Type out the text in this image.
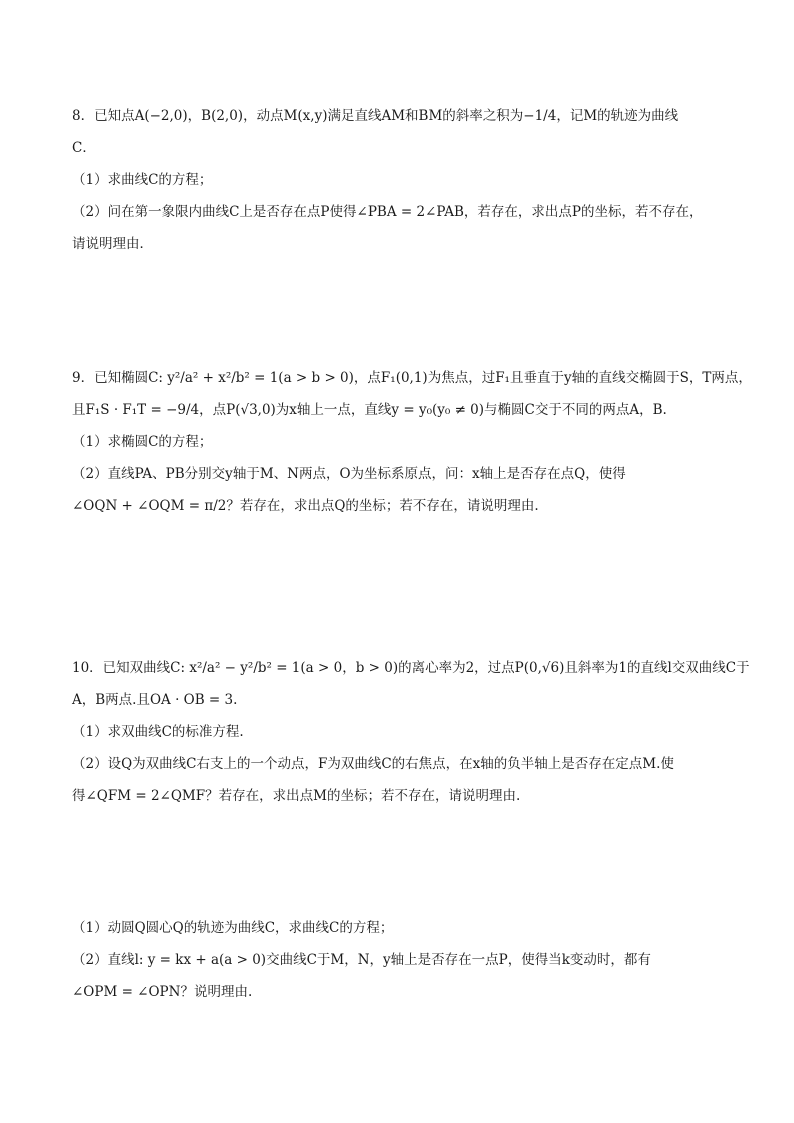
8．已知点A(−2,0)，B(2,0)，动点M(x,y)满足直线AM和BM的斜率之积为−1/4，记M的轨迹为曲线
C．
（1）求曲线C的方程；
（2）问在第一象限内曲线C上是否存在点P使得∠PBA = 2∠PAB，若存在，求出点P的坐标，若不存在，
请说明理由．
9．已知椭圆C: y²/a² + x²/b² = 1(a > b > 0)，点F₁(0,1)为焦点，过F₁且垂直于y轴的直线交椭圆于S，T两点，
且F₁S · F₁T = −9/4，点P(√3,0)为x轴上一点，直线y = y₀(y₀ ≠ 0)与椭圆C交于不同的两点A，B.
（1）求椭圆C的方程；
（2）直线PA、PB分别交y轴于M、N两点，O为坐标系原点，问：x轴上是否存在点Q，使得
∠OQN + ∠OQM = π/2？若存在，求出点Q的坐标；若不存在，请说明理由.
10．已知双曲线C: x²/a² − y²/b² = 1(a > 0，b > 0)的离心率为2，过点P(0,√6)且斜率为1的直线l交双曲线C于
A，B两点.且OA · OB = 3.
（1）求双曲线C的标准方程.
（2）设Q为双曲线C右支上的一个动点，F为双曲线C的右焦点，在x轴的负半轴上是否存在定点M.使
得∠QFM = 2∠QMF？若存在，求出点M的坐标；若不存在，请说明理由.
（1）动圆Q圆心Q的轨迹为曲线C，求曲线C的方程；
（2）直线l: y = kx + a(a > 0)交曲线C于M，N，y轴上是否存在一点P，使得当k变动时，都有
∠OPM = ∠OPN？说明理由.
